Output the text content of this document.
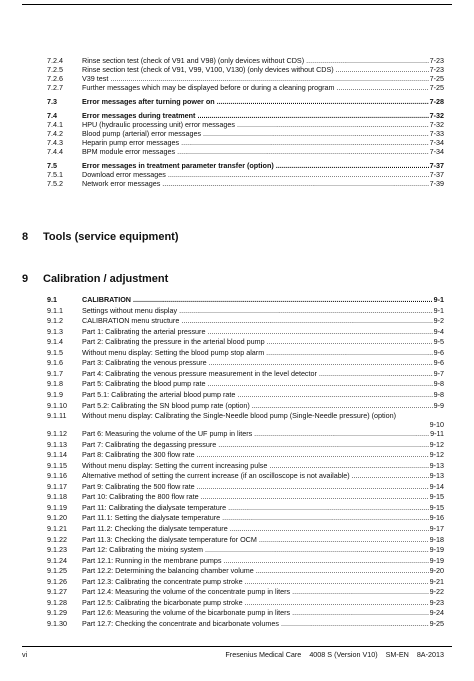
7.2.4	Rinse section test (check of V91 and V98) (only devices without CDS) .....	7-23
7.2.5	Rinse section test (check of V91, V99, V100, V130) (only devices without CDS) .....	7-23
7.2.6	V39 test .....	7-25
7.2.7	Further messages which may be displayed before or during a cleaning program .....	7-25
7.3	Error messages after turning power on .....	7-28
7.4	Error messages during treatment .....	7-32
7.4.1	HPU (hydraulic processing unit) error messages .....	7-32
7.4.2	Blood pump (arterial) error messages .....	7-33
7.4.3	Heparin pump error messages .....	7-34
7.4.4	BPM module error messages .....	7-34
7.5	Error messages in treatment parameter transfer (option) .....	7-37
7.5.1	Download error messages .....	7-37
7.5.2	Network error messages .....	7-39
8 Tools (service equipment)
9 Calibration / adjustment
9.1	CALIBRATION .....	9-1
9.1.1	Settings without menu display .....	9-1
9.1.2	CALIBRATION menu structure .....	9-2
9.1.3	Part 1: Calibrating the arterial pressure .....	9-4
9.1.4	Part 2: Calibrating the pressure in the arterial blood pump .....	9-5
9.1.5	Without menu display: Setting the blood pump stop alarm .....	9-6
9.1.6	Part 3: Calibrating the venous pressure .....	9-6
9.1.7	Part 4: Calibrating the venous pressure measurement in the level detector .....	9-7
9.1.8	Part 5: Calibrating the blood pump rate .....	9-8
9.1.9	Part 5.1: Calibrating the arterial blood pump rate .....	9-8
9.1.10 Part 5.2: Calibrating the SN blood pump rate (option) .....	9-9
9.1.11 Without menu display: Calibrating the Single-Needle blood pump (Single-Needle pressure) (option)
9-10
9.1.12 Part 6: Measuring the volume of the UF pump in liters .....	9-11
9.1.13 Part 7: Calibrating the degassing pressure .....	9-12
9.1.14 Part 8: Calibrating the 300 flow rate .....	9-12
9.1.15 Without menu display: Setting the current increasing pulse .....	9-13
9.1.16 Alternative method of setting the current increase (if an oscilloscope is not available) .....	9-13
9.1.17 Part 9: Calibrating the 500 flow rate .....	9-14
9.1.18 Part 10: Calibrating the 800 flow rate .....	9-15
9.1.19 Part 11: Calibrating the dialysate temperature .....	9-15
9.1.20 Part 11.1: Setting the dialysate temperature .....	9-16
9.1.21 Part 11.2: Checking the dialysate temperature .....	9-17
9.1.22 Part 11.3: Checking the dialysate temperature for OCM .....	9-18
9.1.23 Part 12: Calibrating the mixing system .....	9-19
9.1.24 Part 12.1: Running in the membrane pumps .....	9-19
9.1.25 Part 12.2: Determining the balancing chamber volume .....	9-20
9.1.26 Part 12.3: Calibrating the concentrate pump stroke .....	9-21
9.1.27 Part 12.4: Measuring the volume of the concentrate pump in liters .....	9-22
9.1.28 Part 12.5: Calibrating the bicarbonate pump stroke .....	9-23
9.1.29 Part 12.6: Measuring the volume of the bicarbonate pump in liters .....	9-24
9.1.30 Part 12.7: Checking the concentrate and bicarbonate volumes .....	9-25
vi	Fresenius Medical Care 4008 S (Version V10) SM-EN 8A-2013
